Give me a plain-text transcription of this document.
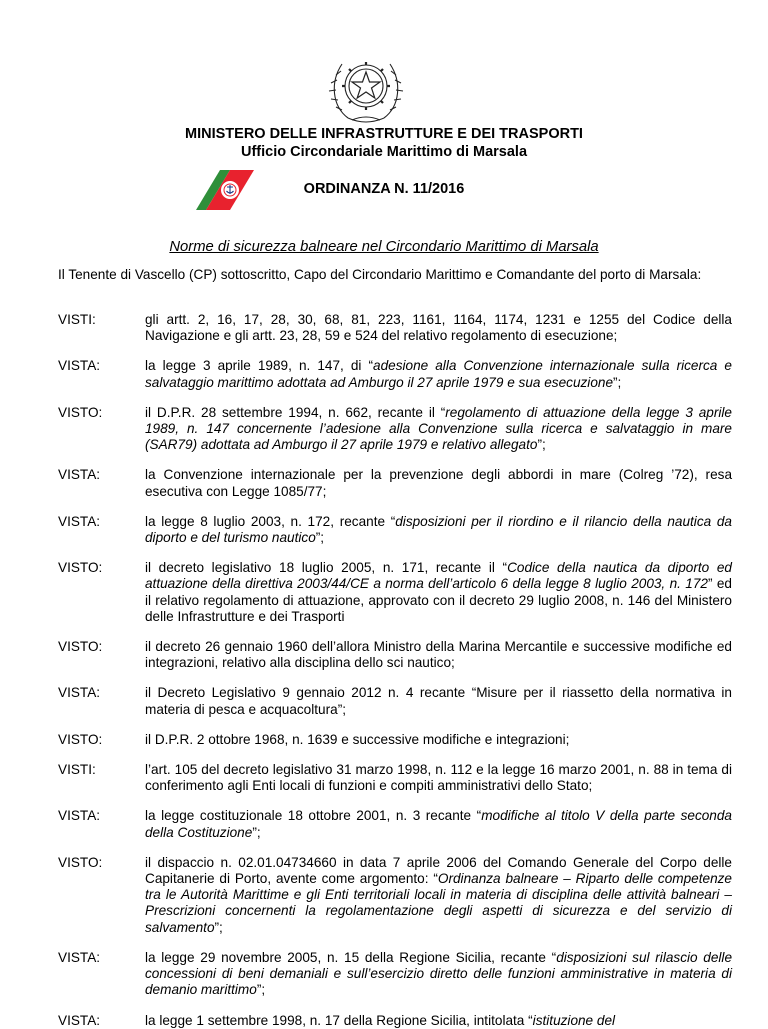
MINISTERO DELLE INFRASTRUTTURE E DEI TRASPORTI
Ufficio Circondariale Marittimo di Marsala
ORDINANZA N. 11/2016
Norme di sicurezza balneare nel Circondario Marittimo di Marsala
Il Tenente di Vascello (CP) sottoscritto, Capo del Circondario Marittimo e Comandante del porto di Marsala:
VISTI:	gli artt. 2, 16, 17, 28, 30, 68, 81, 223, 1161, 1164, 1174, 1231 e 1255 del Codice della Navigazione e gli artt. 23, 28, 59 e 524 del relativo regolamento di esecuzione;
VISTA:	la legge 3 aprile 1989, n. 147, di “adesione alla Convenzione internazionale sulla ricerca e salvataggio marittimo adottata ad Amburgo il 27 aprile 1979 e sua esecuzione”;
VISTO:	il D.P.R. 28 settembre 1994, n. 662, recante il “regolamento di attuazione della legge 3 aprile 1989, n. 147 concernente l’adesione alla Convenzione sulla ricerca e salvataggio in mare (SAR79) adottata ad Amburgo il 27 aprile 1979 e relativo allegato”;
VISTA:	la Convenzione internazionale per la prevenzione degli abbordi in mare (Colreg ’72), resa esecutiva con Legge 1085/77;
VISTA:	la legge 8 luglio 2003, n. 172, recante “disposizioni per il riordino e il rilancio della nautica da diporto e del turismo nautico”;
VISTO:	il decreto legislativo 18 luglio 2005, n. 171, recante il “Codice della nautica da diporto ed attuazione della direttiva 2003/44/CE a norma dell’articolo 6 della legge 8 luglio 2003, n. 172” ed il relativo regolamento di attuazione, approvato con il decreto 29 luglio 2008, n. 146 del Ministero delle Infrastrutture e dei Trasporti
VISTO:	il decreto 26 gennaio 1960 dell’allora Ministro della Marina Mercantile e successive modifiche ed integrazioni, relativo alla disciplina dello sci nautico;
VISTA:	il Decreto Legislativo 9 gennaio 2012 n. 4 recante “Misure per il riassetto della normativa in materia di pesca e acquacoltura”;
VISTO:	il D.P.R. 2 ottobre 1968, n. 1639 e successive modifiche e integrazioni;
VISTI:	l’art. 105 del decreto legislativo 31 marzo 1998, n. 112 e la legge 16 marzo 2001, n. 88 in tema di conferimento agli Enti locali di funzioni e compiti amministrativi dello Stato;
VISTA:	la legge costituzionale 18 ottobre 2001, n. 3 recante “modifiche al titolo V della parte seconda della Costituzione”;
VISTO:	il dispaccio n. 02.01.04734660 in data 7 aprile 2006 del Comando Generale del Corpo delle Capitanerie di Porto, avente come argomento: “Ordinanza balneare – Riparto delle competenze tra le Autorità Marittime e gli Enti territoriali locali in materia di disciplina delle attività balneari – Prescrizioni concernenti la regolamentazione degli aspetti di sicurezza e del servizio di salvamento”;
VISTA:	la legge 29 novembre 2005, n. 15 della Regione Sicilia, recante “disposizioni sul rilascio delle concessioni di beni demaniali e sull’esercizio diretto delle funzioni amministrative in materia di demanio marittimo”;
VISTA:	la legge 1 settembre 1998, n. 17 della Regione Sicilia, intitolata “istituzione del
